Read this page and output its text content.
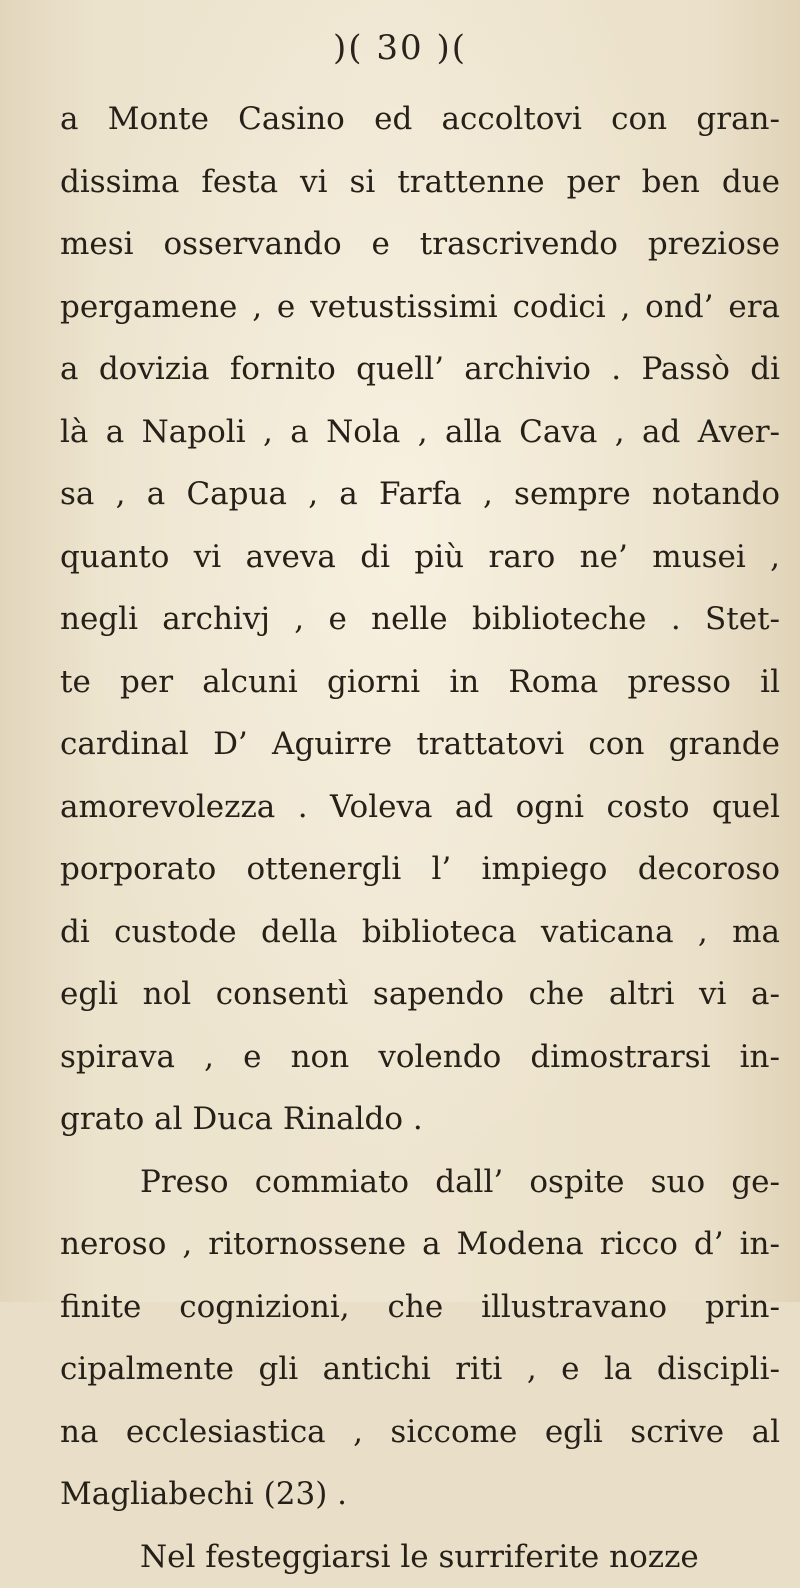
)( 30 )(
a Monte Casino ed accoltovi con gran-
dissima festa vi si trattenne per ben due
mesi osservando e trascrivendo preziose
pergamene , e vetustissimi codici , ond’ era
a dovizia fornito quell’ archivio . Passò di
là a Napoli , a Nola , alla Cava , ad Aver-
sa , a Capua , a Farfa , sempre notando
quanto vi aveva di più raro ne’ musei ,
negli archivj , e nelle biblioteche . Stet-
te per alcuni giorni in Roma presso il
cardinal D’ Aguirre trattatovi con grande
amorevolezza . Voleva ad ogni costo quel
porporato ottenergli l’ impiego decoroso
di custode della biblioteca vaticana , ma
egli nol consentì sapendo che altri vi a-
spirava , e non volendo dimostrarsi in-
grato al Duca Rinaldo .
Preso commiato dall’ ospite suo ge-
neroso , ritornossene a Modena ricco d’ in-
finite cognizioni, che illustravano prin-
cipalmente gli antichi riti , e la discipli-
na ecclesiastica , siccome egli scrive al
Magliabechi (23) .
Nel festeggiarsi le surriferite nozze
